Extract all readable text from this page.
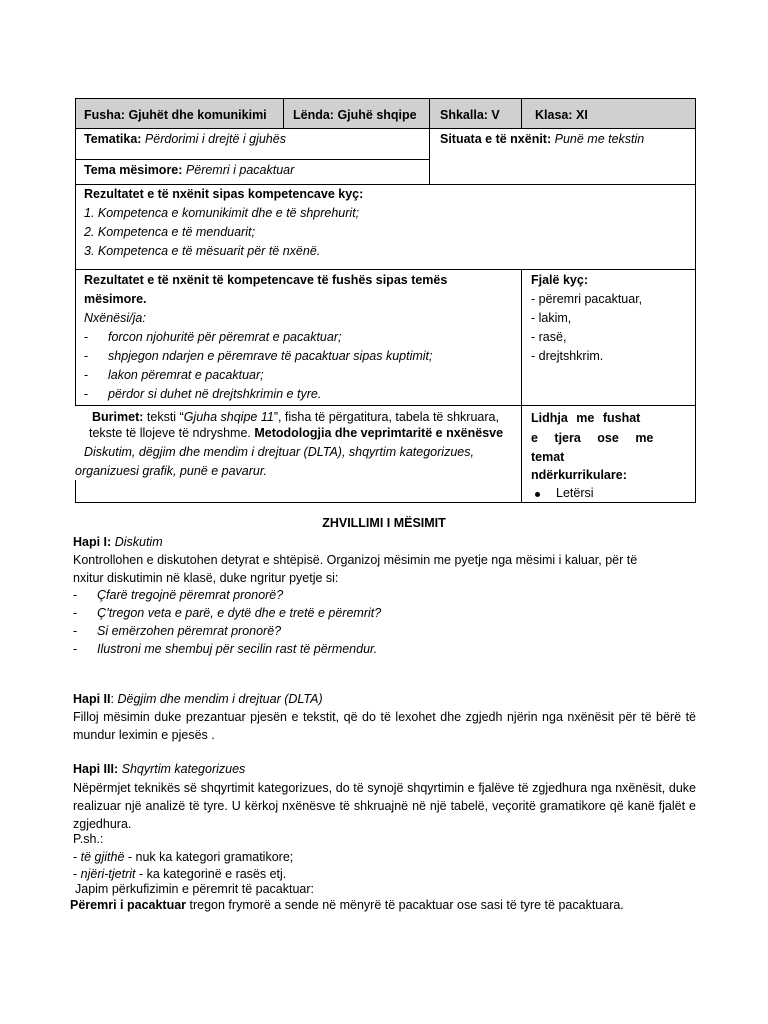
Fusha: Gjuhët dhe komunikimi Lënda: Gjuhë shqipe Shkalla: V	Klasa: XI
Tematika: Përdorimi i drejtë i gjuhës	Situata e të nxënit: Punë me tekstin
Tema mësimore: Përemri i pacaktuar
Rezultatet e të nxënit sipas kompetencave kyç:
1. Kompetenca e komunikimit dhe e të shprehurit;
2. Kompetenca e të menduarit;
3. Kompetenca e të mësuarit për të nxënë.
Rezultatet e të nxënit të kompetencave të fushës sipas temës
mësimore.
Nxënësi/ja:
- forcon njohuritë për përemrat e pacaktuar;
- shpjegon ndarjen e përemrave të pacaktuar sipas kuptimit;
- lakon përemrat e pacaktuar;
- përdor si duhet në drejtshkrimin e tyre.
Fjalë kyç:
- përemri pacaktuar,
- lakim,
- rasë,
- drejtshkrim.
Burimet: teksti “Gjuha shqipe 11”, fisha të përgatitura, tabela të shkruara,
tekste të llojeve të ndryshme. Metodologjia dhe veprimtaritë e nxënësve
Diskutim, dëgjim dhe mendim i drejtuar (DLTA), shqyrtim kategorizues,
organizuesi grafik, punë e pavarur.
Lidhja me fushat
e tjera ose me
temat
ndërkurrikulare:
Letërsi
ZHVILLIMI I MËSIMIT
Hapi I: Diskutim
Kontrollohen e diskutohen detyrat e shtëpisë. Organizoj mësimin me pyetje nga mësimi i kaluar, për të
nxitur diskutimin në klasë, duke ngritur pyetje si:
- Çfarë tregojnë përemrat pronorë?
- Ç’tregon veta e parë, e dytë dhe e tretë e përemrit?
- Si emërzohen përemrat pronorë?
- Ilustroni me shembuj për secilin rast të përmendur.
Hapi II: Dëgjim dhe mendim i drejtuar (DLTA)
Filloj mësimin duke prezantuar pjesën e tekstit, që do të lexohet dhe zgjedh njërin nga nxënësit për të bërë të mundur leximin e pjesës .
Hapi III: Shqyrtim kategorizues
Nëpërmjet teknikës së shqyrtimit kategorizues, do të synojë shqyrtimin e fjalëve të zgjedhura nga nxënësit, duke realizuar një analizë të tyre. U kërkoj nxënësve të shkruajnë në një tabelë, veçoritë gramatikore që kanë fjalët e zgjedhura.
P.sh.:
- të gjithë - nuk ka kategori gramatikore;
- njëri-tjetrit - ka kategorinë e rasës etj.
Japim përkufizimin e përemrit të pacaktuar:
Përemri i pacaktuar tregon frymorë a sende në mënyrë të pacaktuar ose sasi të tyre të pacaktuara.
